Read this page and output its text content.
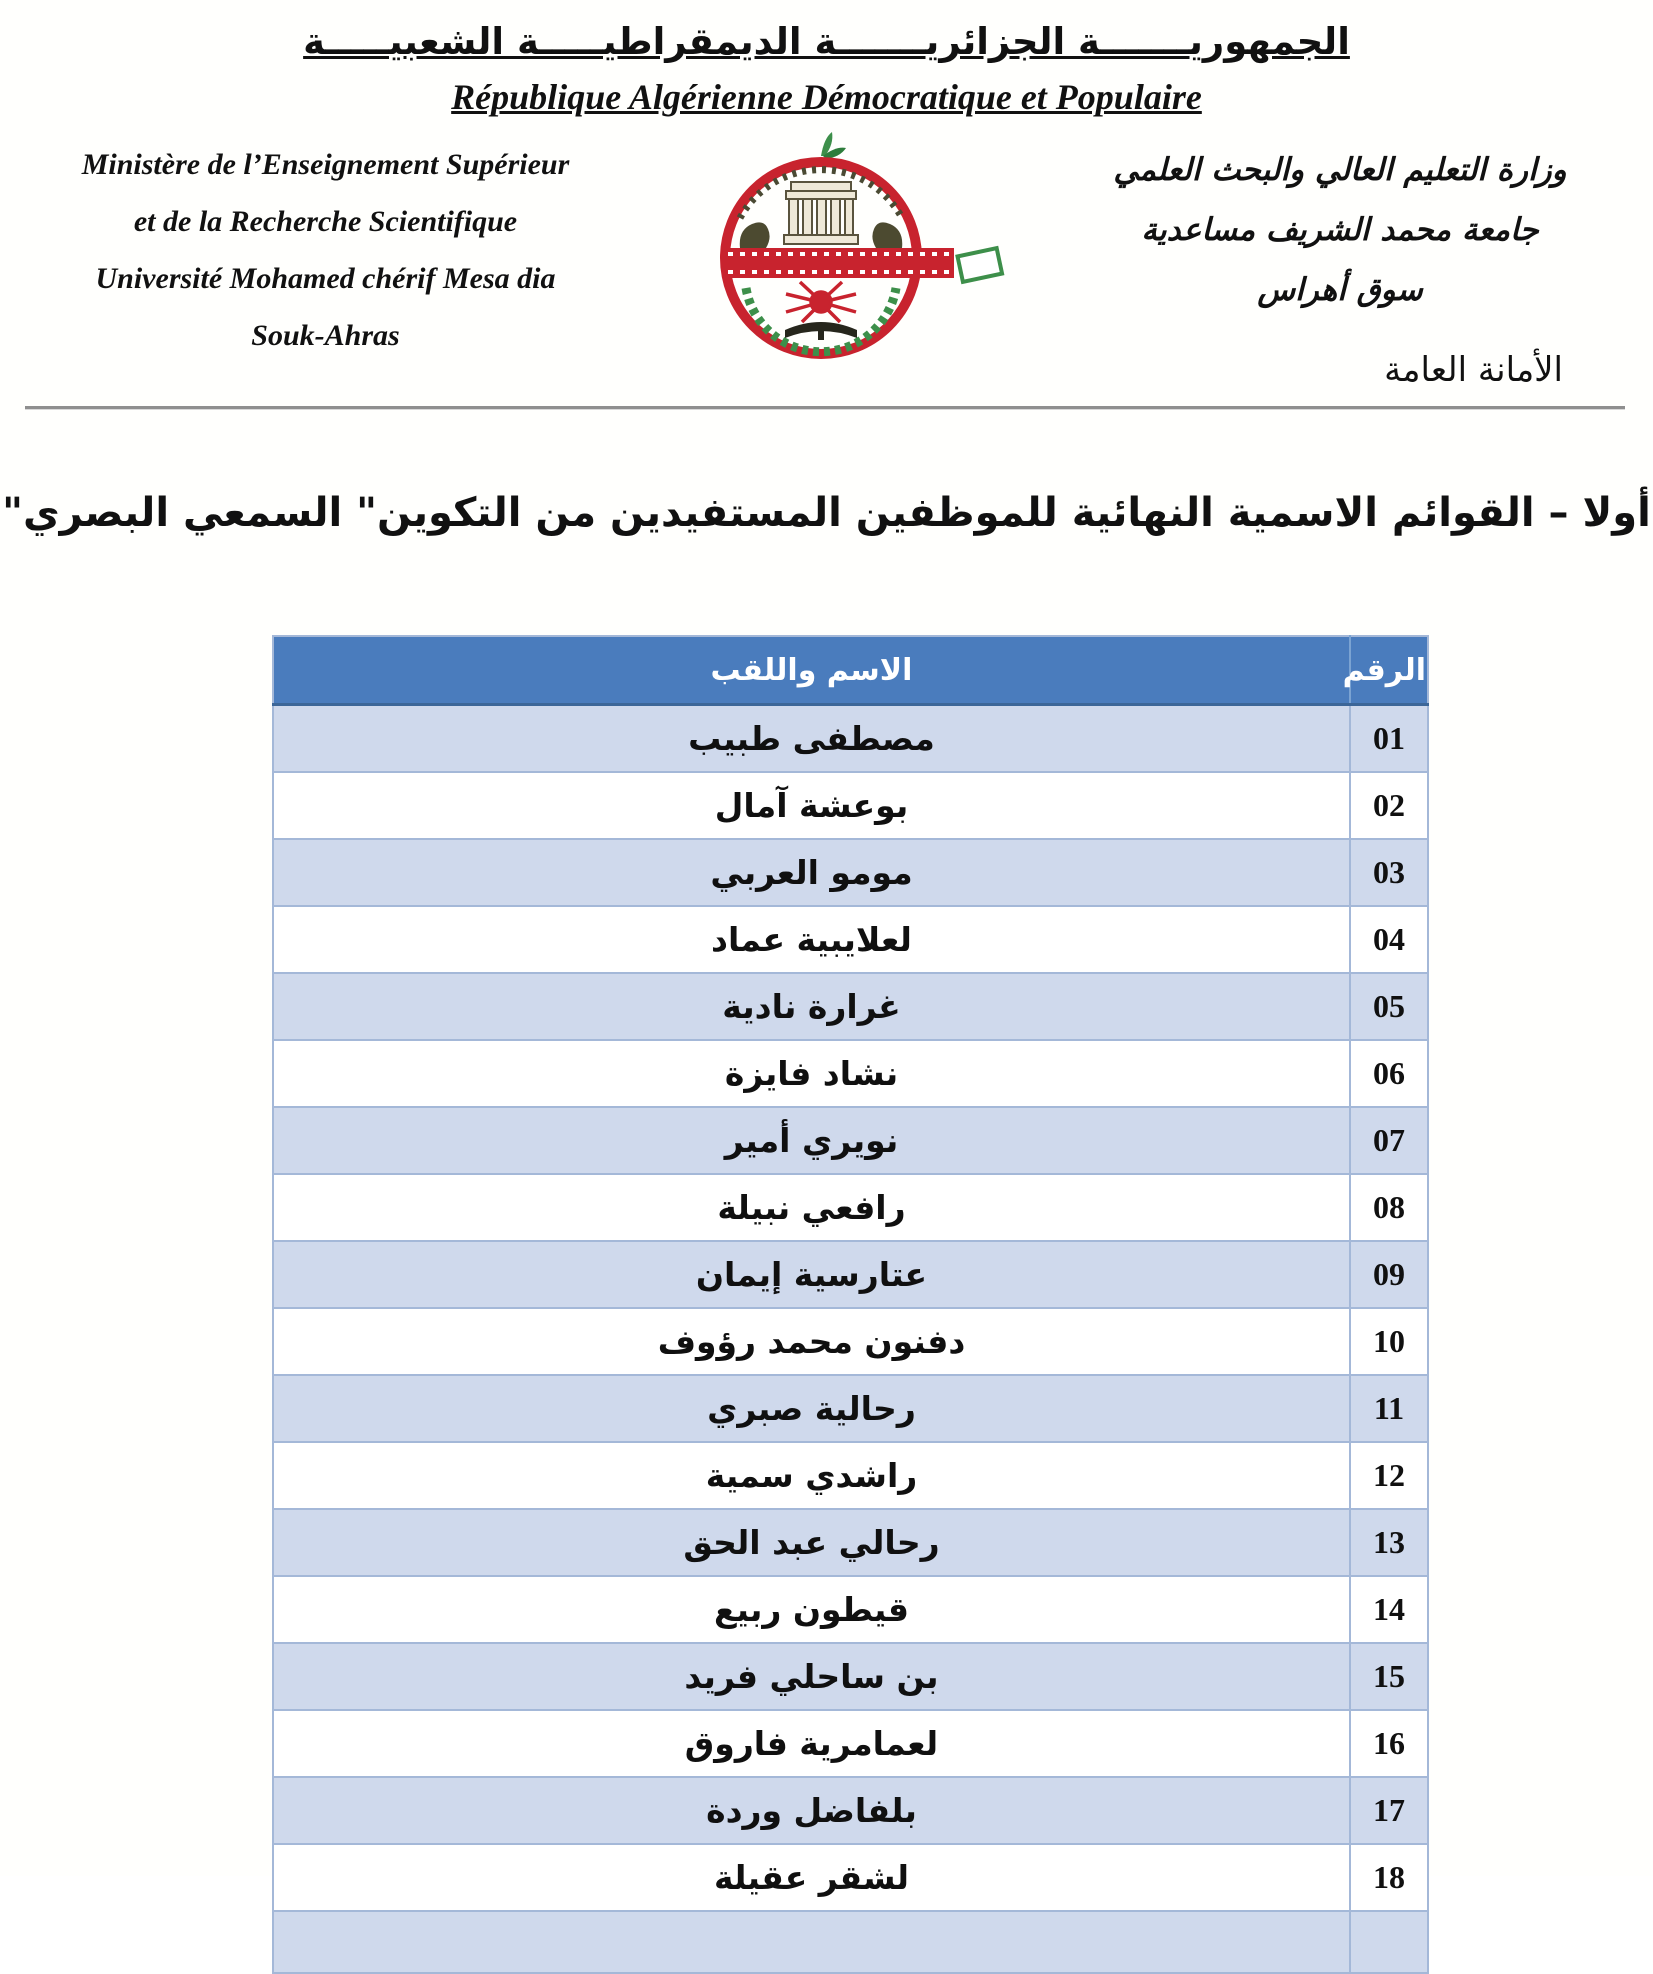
الجمهوريـــــــة الجزائريـــــــة الديمقراطيـــــة الشعبيـــــة
République Algérienne Démocratique et Populaire
Ministère de l’Enseignement Supérieur
et de la Recherche Scientifique
Université Mohamed chérif Mesa dia
Souk-Ahras
وزارة التعليم العالي والبحث العلمي
جامعة محمد الشريف مساعدية
سوق أهراس
الأمانة العامة
أولا – القوائم الاسمية النهائية للموظفين المستفيدين من التكوين" السمعي البصري"
الرقم	الاسم واللقب
01	مصطفى طبيب
02	بوعشة آمال
03	مومو العربي
04	لعلايبية عماد
05	غرارة نادية
06	نشاد فايزة
07	نويري أمير
08	رافعي نبيلة
09	عتارسية إيمان
10	دفنون محمد رؤوف
11	رحالية صبري
12	راشدي سمية
13	رحالي عبد الحق
14	قيطون ربيع
15	بن ساحلي فريد
16	لعمامرية فاروق
17	بلفاضل وردة
18	لشقر عقيلة
